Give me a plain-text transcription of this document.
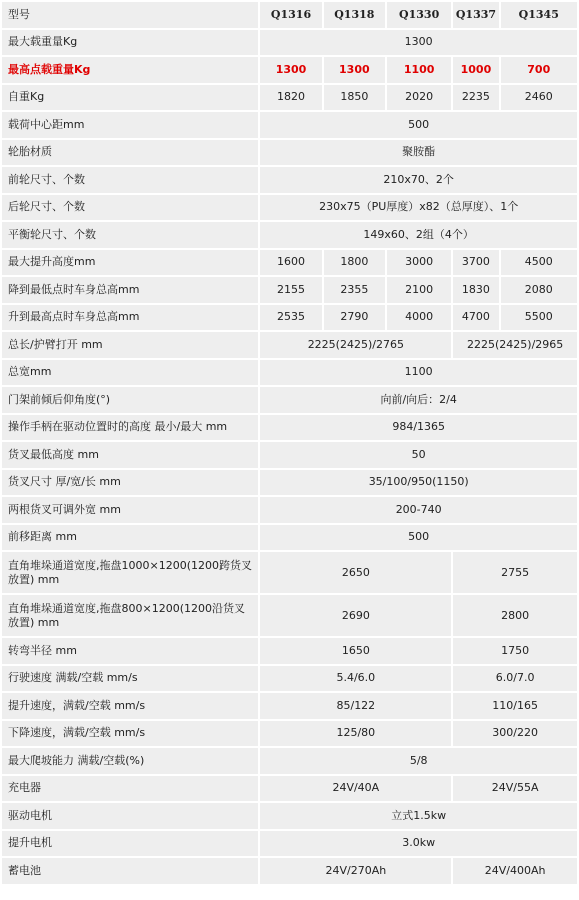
型号	Q1316	Q1318	Q1330	Q1337	Q1345
最大载重量Kg	1300				
最高点载重量Kg	1300	1300	1100	1000	700
自重Kg	1820	1850	2020	2235	2460
载荷中心距mm	500				
轮胎材质	聚胺酯				
前轮尺寸、个数	210x70、2个				
后轮尺寸、个数	230x75（PU厚度）x82（总厚度）、1个				
平衡轮尺寸、个数	149x60、2组（4个）				
最大提升高度mm	1600	1800	3000	3700	4500
降到最低点时车身总高mm	2155	2355	2100	1830	2080
升到最高点时车身总高mm	2535	2790	4000	4700	5500
总长/护臂打开 mm	2225(2425)/2765			2225(2425)/2965	
总宽mm	1100				
门架前倾后仰角度(°)	向前/向后：2/4				
操作手柄在驱动位置时的高度 最小/最大 mm	984/1365				
货叉最低高度 mm	50				
货叉尺寸 厚/宽/长 mm	35/100/950(1150)				
两根货叉可调外宽 mm	200-740				
前移距离 mm	500				
直角堆垛通道宽度,拖盘1000×1200(1200跨货叉放置) mm	2650			2755	
直角堆垛通道宽度,拖盘800×1200(1200沿货叉放置) mm	2690			2800	
转弯半径 mm	1650			1750	
行驶速度 满载/空载 mm/s	5.4/6.0			6.0/7.0	
提升速度，满载/空载 mm/s	85/122			110/165	
下降速度，满载/空载 mm/s	125/80			300/220	
最大爬坡能力 满载/空载(%)	5/8				
充电器	24V/40A			24V/55A	
驱动电机	立式1.5kw				
提升电机	3.0kw				
蓄电池	24V/270Ah			24V/400Ah	
